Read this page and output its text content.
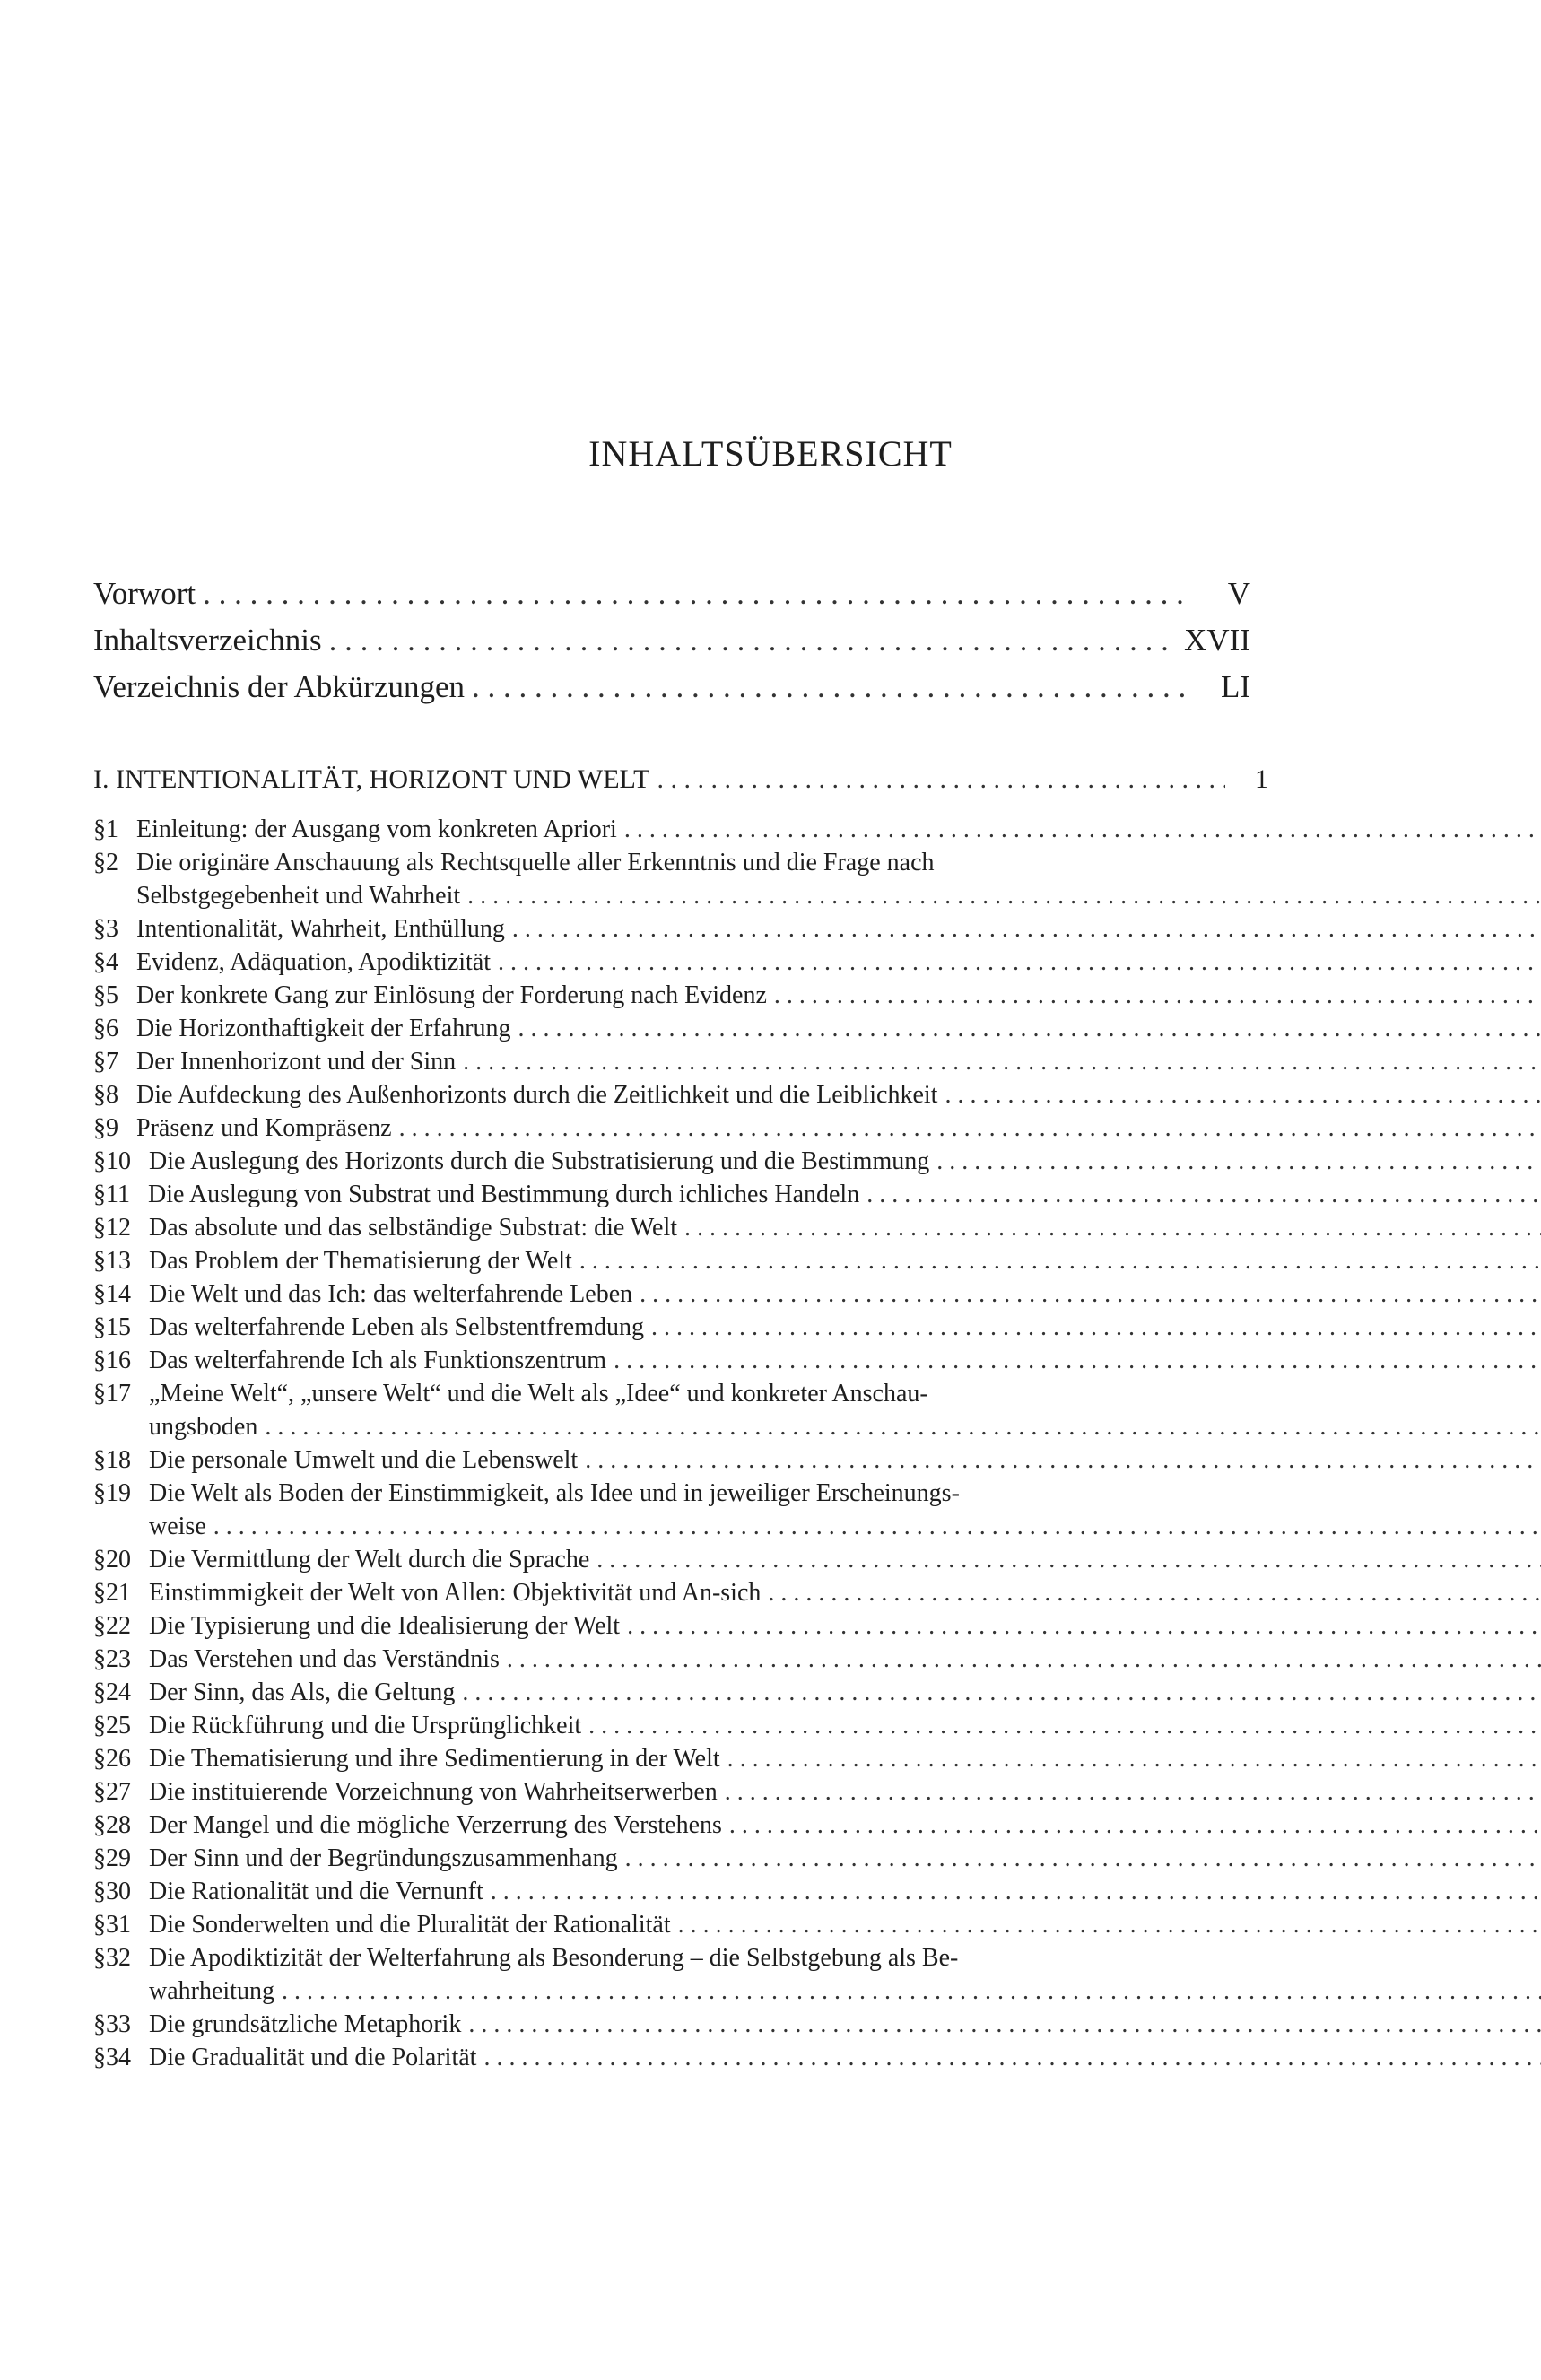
INHALTSÜBERSICHT
Vorwort . . .	V
Inhaltsverzeichnis . . .	XVII
Verzeichnis der Abkürzungen . . .	LI
I. INTENTIONALITÄT, HORIZONT UND WELT . . .	1
§ 1 Einleitung: der Ausgang vom konkreten Apriori
. . .
§ 2 Die originäre Anschauung als Rechtsquelle aller Erkenntnis und die Frage nach
Selbstgegebenheit und Wahrheit
. . .
§ 3 Intentionalität, Wahrheit, Enthüllung
. . .
§ 4 Evidenz, Adäquation, Apodiktizität
. . .
§ 5 Der konkrete Gang zur Einlösung der Forderung nach Evidenz
. . .
§ 6 Die Horizonthaftigkeit der Erfahrung
. . .
§ 7 Der Innenhorizont und der Sinn
. . .
§ 8 Die Aufdeckung des Außenhorizonts durch die Zeitlichkeit und die Leiblichkeit
. . .
§ 9 Präsenz und Kompräsenz
. . .
§ 10 Die Auslegung des Horizonts durch die Substratisierung und die Bestimmung
. . .
§ 11 Die Auslegung von Substrat und Bestimmung durch ichliches Handeln
. . .
§ 12 Das absolute und das selbständige Substrat: die Welt
. . .
§ 13 Das Problem der Thematisierung der Welt
. . .
§ 14 Die Welt und das Ich: das welterfahrende Leben
. . .
§ 15 Das welterfahrende Leben als Selbstentfremdung
. . .
§ 16 Das welterfahrende Ich als Funktionszentrum
. . .
§ 17 „Meine Welt“, „unsere Welt“ und die Welt als „Idee“ und konkreter Anschau-
ungsboden
. . .
§ 18 Die personale Umwelt und die Lebenswelt
. . .
§ 19 Die Welt als Boden der Einstimmigkeit, als Idee und in jeweiliger Erscheinungs-
weise
. . .
§ 20 Die Vermittlung der Welt durch die Sprache
. . .
§ 21 Einstimmigkeit der Welt von Allen: Objektivität und An-sich
. . .
§ 22 Die Typisierung und die Idealisierung der Welt
. . .
§ 23 Das Verstehen und das Verständnis
. . .
§ 24 Der Sinn, das Als, die Geltung
. . .
§ 25 Die Rückführung und die Ursprünglichkeit
. . .
§ 26 Die Thematisierung und ihre Sedimentierung in der Welt
. . .
§ 27 Die instituierende Vorzeichnung von Wahrheitserwerben
. . .
§ 28 Der Mangel und die mögliche Verzerrung des Verstehens
. . .
§ 29 Der Sinn und der Begründungszusammenhang
. . .
§ 30 Die Rationalität und die Vernunft
. . .
§ 31 Die Sonderwelten und die Pluralität der Rationalität
. . .
§ 32 Die Apodiktizität der Welterfahrung als Besonderung – die Selbstgebung als Be-
wahrheitung
. . .
§ 33 Die grundsätzliche Metaphorik
. . .
§ 34 Die Gradualität und die Polarität
. . .
